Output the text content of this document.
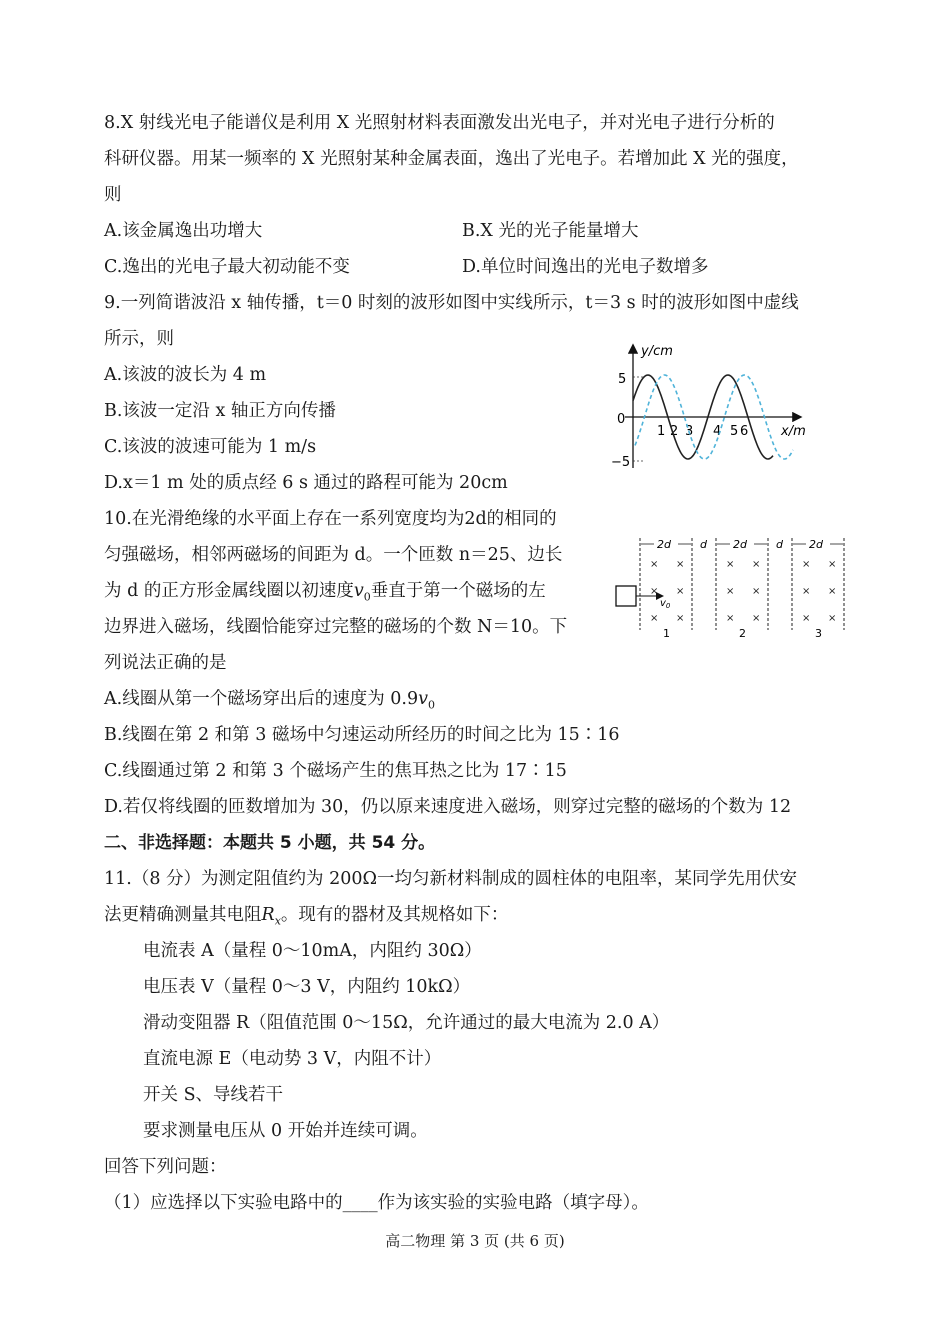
8.X 射线光电子能谱仪是利用 X 光照射材料表面激发出光电子，并对光电子进行分析的
科研仪器。用某一频率的 X 光照射某种金属表面，逸出了光电子。若增加此 X 光的强度，
则
A.该金属逸出功增大	B.X 光的光子能量增大
C.逸出的光电子最大初动能不变	D.单位时间逸出的光电子数增多
9.一列简谐波沿 x 轴传播，t＝0 时刻的波形如图中实线所示，t＝3 s 时的波形如图中虚线
所示，则
A.该波的波长为 4 m
B.该波一定沿 x 轴正方向传播
C.该波的波速可能为 1 m/s
D.x＝1 m 处的质点经 6 s 通过的路程可能为 20cm
y/cm
x/m
0
5
−5
1 2 3 4 5 6
10.在光滑绝缘的水平面上存在一系列宽度均为2d的相同的
匀强磁场，相邻两磁场的间距为 d。一个匝数 n＝25、边长
为 d 的正方形金属线圈以初速度$v_0$垂直于第一个磁场的左
边界进入磁场，线圈恰能穿过完整的磁场的个数 N＝10。下
列说法正确的是
A.线圈从第一个磁场穿出后的速度为 $0.9v_0$
B.线圈在第 2 和第 3 磁场中匀速运动所经历的时间之比为 15∶16
C.线圈通过第 2 和第 3 个磁场产生的焦耳热之比为 17∶15
D.若仅将线圈的匝数增加为 30，仍以原来速度进入磁场，则穿过完整的磁场的个数为 12
2d	d 2d	d 2d
× ×
× ×
× ×
× ×
× ×
× ×
× ×
× ×
× ×
$v_0$
1	2	3
二、非选择题：本题共 5 小题，共 54 分。
11.（8 分）为测定阻值约为 200Ω一均匀新材料制成的圆柱体的电阻率，某同学先用伏安
法更精确测量其电阻$R_x$。现有的器材及其规格如下：
电流表 A（量程 0～10mA，内阻约 30Ω）
电压表 V（量程 0～3 V，内阻约 10kΩ）
滑动变阻器 R（阻值范围 0～15Ω，允许通过的最大电流为 2.0 A）
直流电源 E（电动势 3 V，内阻不计）
开关 S、导线若干
要求测量电压从 0 开始并连续可调。
回答下列问题：
（1）应选择以下实验电路中的____作为该实验的实验电路（填字母）。
高二物理 第 3 页 (共 6 页)
